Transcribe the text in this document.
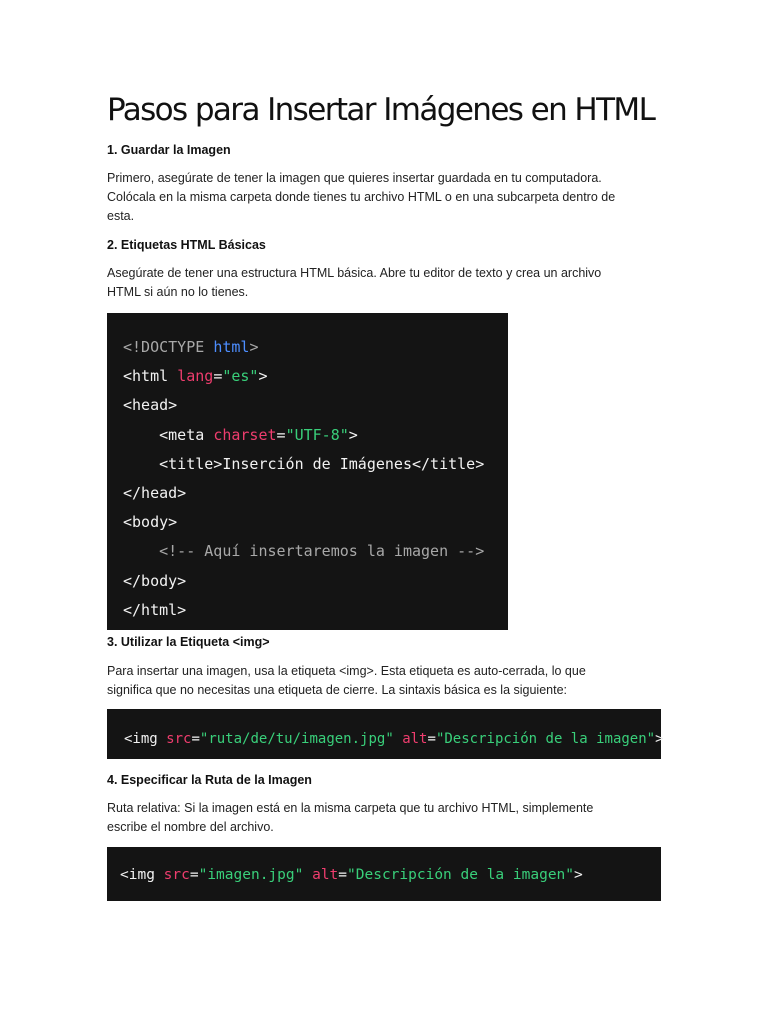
Pasos para Insertar Imágenes en HTML
1. Guardar la Imagen
Primero, asegúrate de tener la imagen que quieres insertar guardada en tu computadora.
Colócala en la misma carpeta donde tienes tu archivo HTML o en una subcarpeta dentro de
esta.
2. Etiquetas HTML Básicas
Asegúrate de tener una estructura HTML básica. Abre tu editor de texto y crea un archivo
HTML si aún no lo tienes.
<!DOCTYPE html>
<html lang="es">
<head>
<meta charset="UTF-8">
<title>Inserción de Imágenes</title>
</head>
<body>
<!-- Aquí insertaremos la imagen -->
</body>
</html>
3. Utilizar la Etiqueta <img>
Para insertar una imagen, usa la etiqueta <img>. Esta etiqueta es auto-cerrada, lo que
significa que no necesitas una etiqueta de cierre. La sintaxis básica es la siguiente:
<img src="ruta/de/tu/imagen.jpg" alt="Descripción de la imagen">
4. Especificar la Ruta de la Imagen
Ruta relativa: Si la imagen está en la misma carpeta que tu archivo HTML, simplemente
escribe el nombre del archivo.
<img src="imagen.jpg" alt="Descripción de la imagen">
